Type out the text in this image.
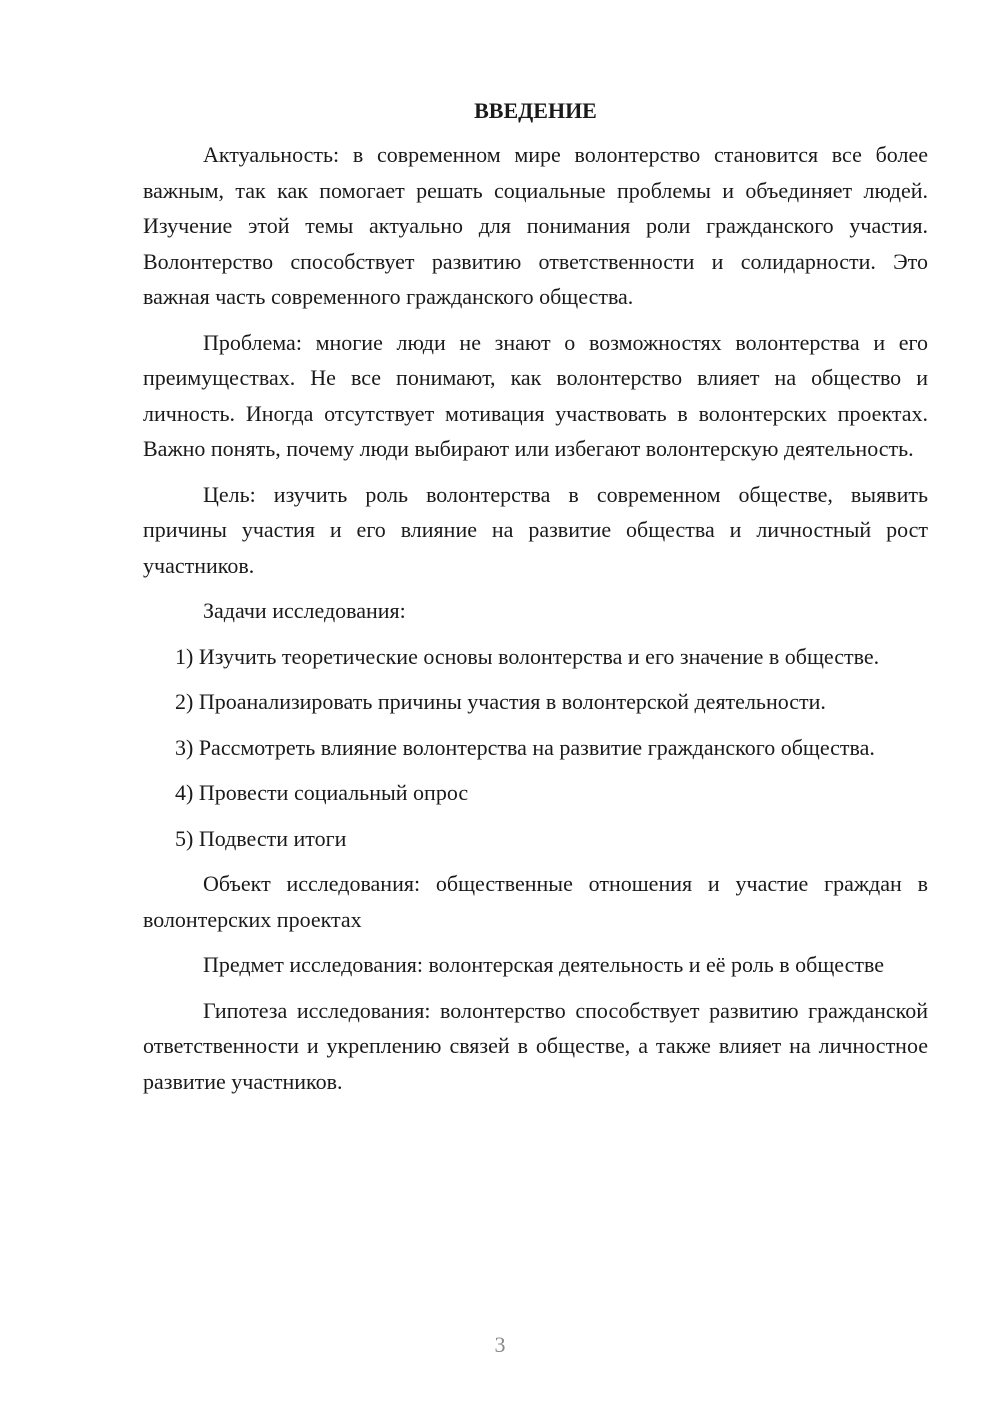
ВВЕДЕНИЕ

Актуальность: в современном мире волонтерство становится все более важным, так как помогает решать социальные проблемы и объединяет людей. Изучение этой темы актуально для понимания роли гражданского участия. Волонтерство способствует развитию ответственности и солидарности. Это важная часть современного гражданского общества.

Проблема: многие люди не знают о возможностях волонтерства и его преимуществах. Не все понимают, как волонтерство влияет на общество и личность. Иногда отсутствует мотивация участвовать в волонтерских проектах. Важно понять, почему люди выбирают или избегают волонтерскую деятельность.

Цель: изучить роль волонтерства в современном обществе, выявить причины участия и его влияние на развитие общества и личностный рост участников.

Задачи исследования:

1) Изучить теоретические основы волонтерства и его значение в обществе.

2) Проанализировать причины участия в волонтерской деятельности.

3) Рассмотреть влияние волонтерства на развитие гражданского общества.

4) Провести социальный опрос

5) Подвести итоги

Объект исследования: общественные отношения и участие граждан в волонтерских проектах

Предмет исследования: волонтерская деятельность и её роль в обществе

Гипотеза исследования: волонтерство способствует развитию гражданской ответственности и укреплению связей в обществе, а также влияет на личностное развитие участников.

3
